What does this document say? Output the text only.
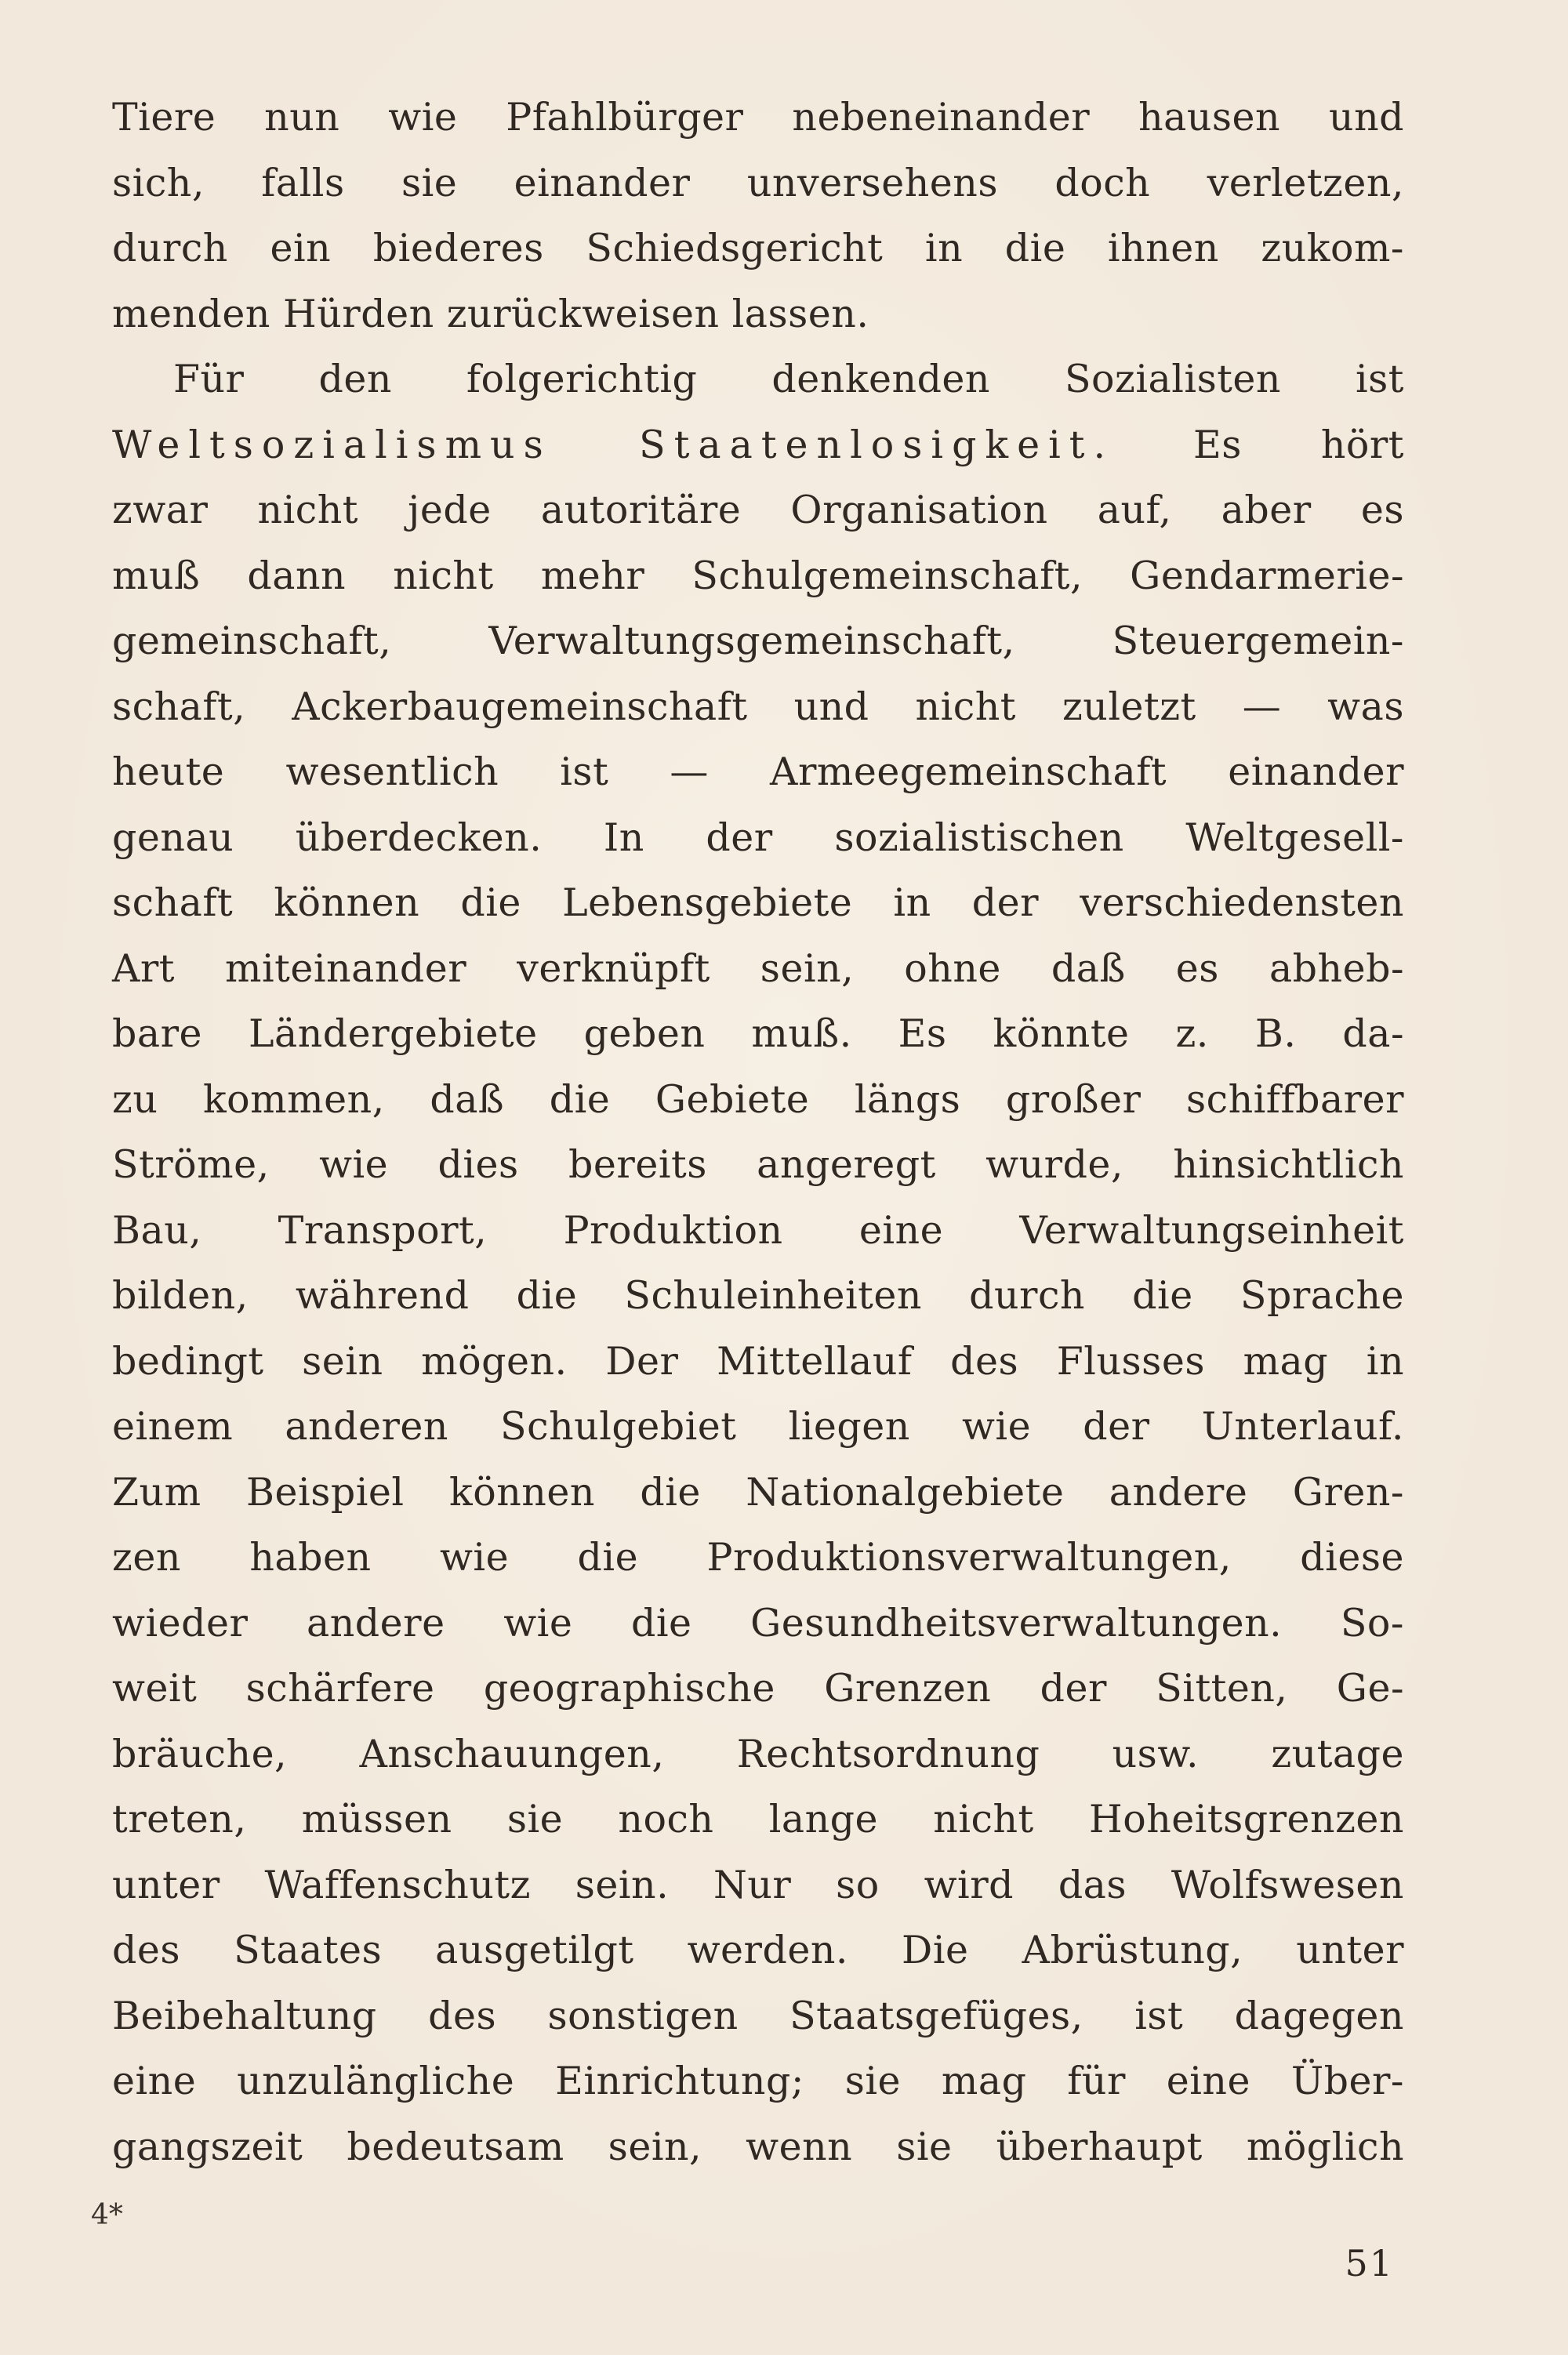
Tiere nun wie Pfahlbürger nebeneinander hausen und
sich, falls sie einander unversehens doch verletzen,
durch ein biederes Schiedsgericht in die ihnen zukom-
menden Hürden zurückweisen lassen.
Für den folgerichtig denkenden Sozialisten ist
Weltsozialismus Staatenlosigkeit. Es hört
zwar nicht jede autoritäre Organisation auf, aber es
muß dann nicht mehr Schulgemeinschaft, Gendarmerie-
gemeinschaft, Verwaltungsgemeinschaft, Steuergemein-
schaft, Ackerbaugemeinschaft und nicht zuletzt — was
heute wesentlich ist — Armeegemeinschaft einander
genau überdecken. In der sozialistischen Weltgesell-
schaft können die Lebensgebiete in der verschiedensten
Art miteinander verknüpft sein, ohne daß es abheb-
bare Ländergebiete geben muß. Es könnte z. B. da-
zu kommen, daß die Gebiete längs großer schiffbarer
Ströme, wie dies bereits angeregt wurde, hinsichtlich
Bau, Transport, Produktion eine Verwaltungseinheit
bilden, während die Schuleinheiten durch die Sprache
bedingt sein mögen. Der Mittellauf des Flusses mag in
einem anderen Schulgebiet liegen wie der Unterlauf.
Zum Beispiel können die Nationalgebiete andere Gren-
zen haben wie die Produktionsverwaltungen, diese
wieder andere wie die Gesundheitsverwaltungen. So-
weit schärfere geographische Grenzen der Sitten, Ge-
bräuche, Anschauungen, Rechtsordnung usw. zutage
treten, müssen sie noch lange nicht Hoheitsgrenzen
unter Waffenschutz sein. Nur so wird das Wolfswesen
des Staates ausgetilgt werden. Die Abrüstung, unter
Beibehaltung des sonstigen Staatsgefüges, ist dagegen
eine unzulängliche Einrichtung; sie mag für eine Über-
gangszeit bedeutsam sein, wenn sie überhaupt möglich
4*
51
